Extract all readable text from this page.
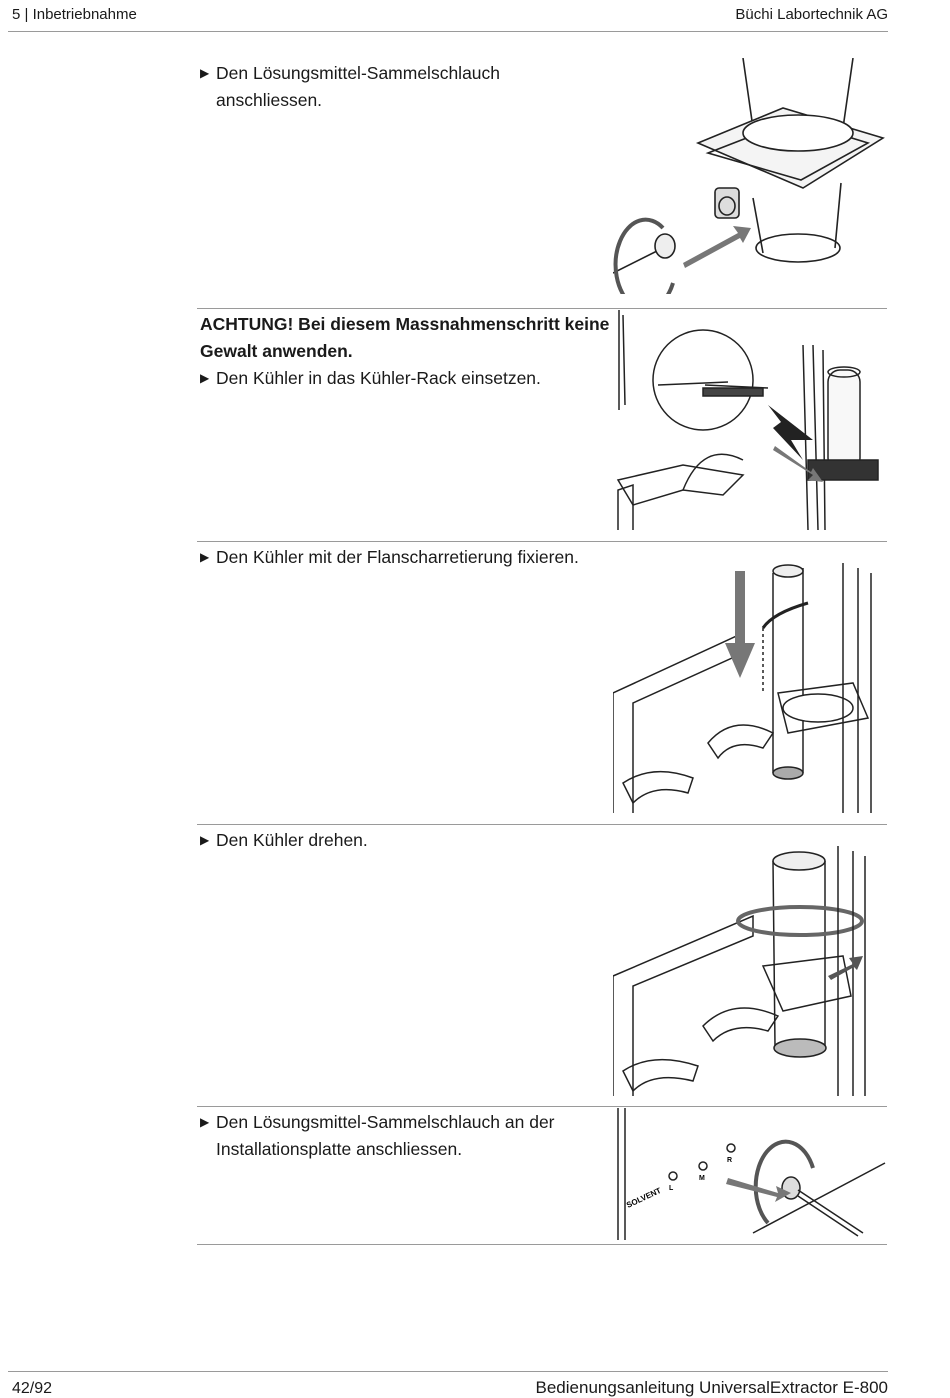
5 | Inbetriebnahme	Büchi Labortechnik AG
▶ Den Lösungsmittel-Sammelschlauch anschliessen.

ACHTUNG! Bei diesem Massnahmenschritt keine Gewalt anwenden.

▶ Den Kühler in das Kühler-Rack einsetzen.
▶ Den Kühler mit der Flanscharretierung fixieren.
▶ Den Kühler drehen.
▶ Den Lösungsmittel-Sammelschlauch an der Installationsplatte anschliessen.
SOLVENT L
M
R
42/92	Bedienungsanleitung UniversalExtractor E-800
